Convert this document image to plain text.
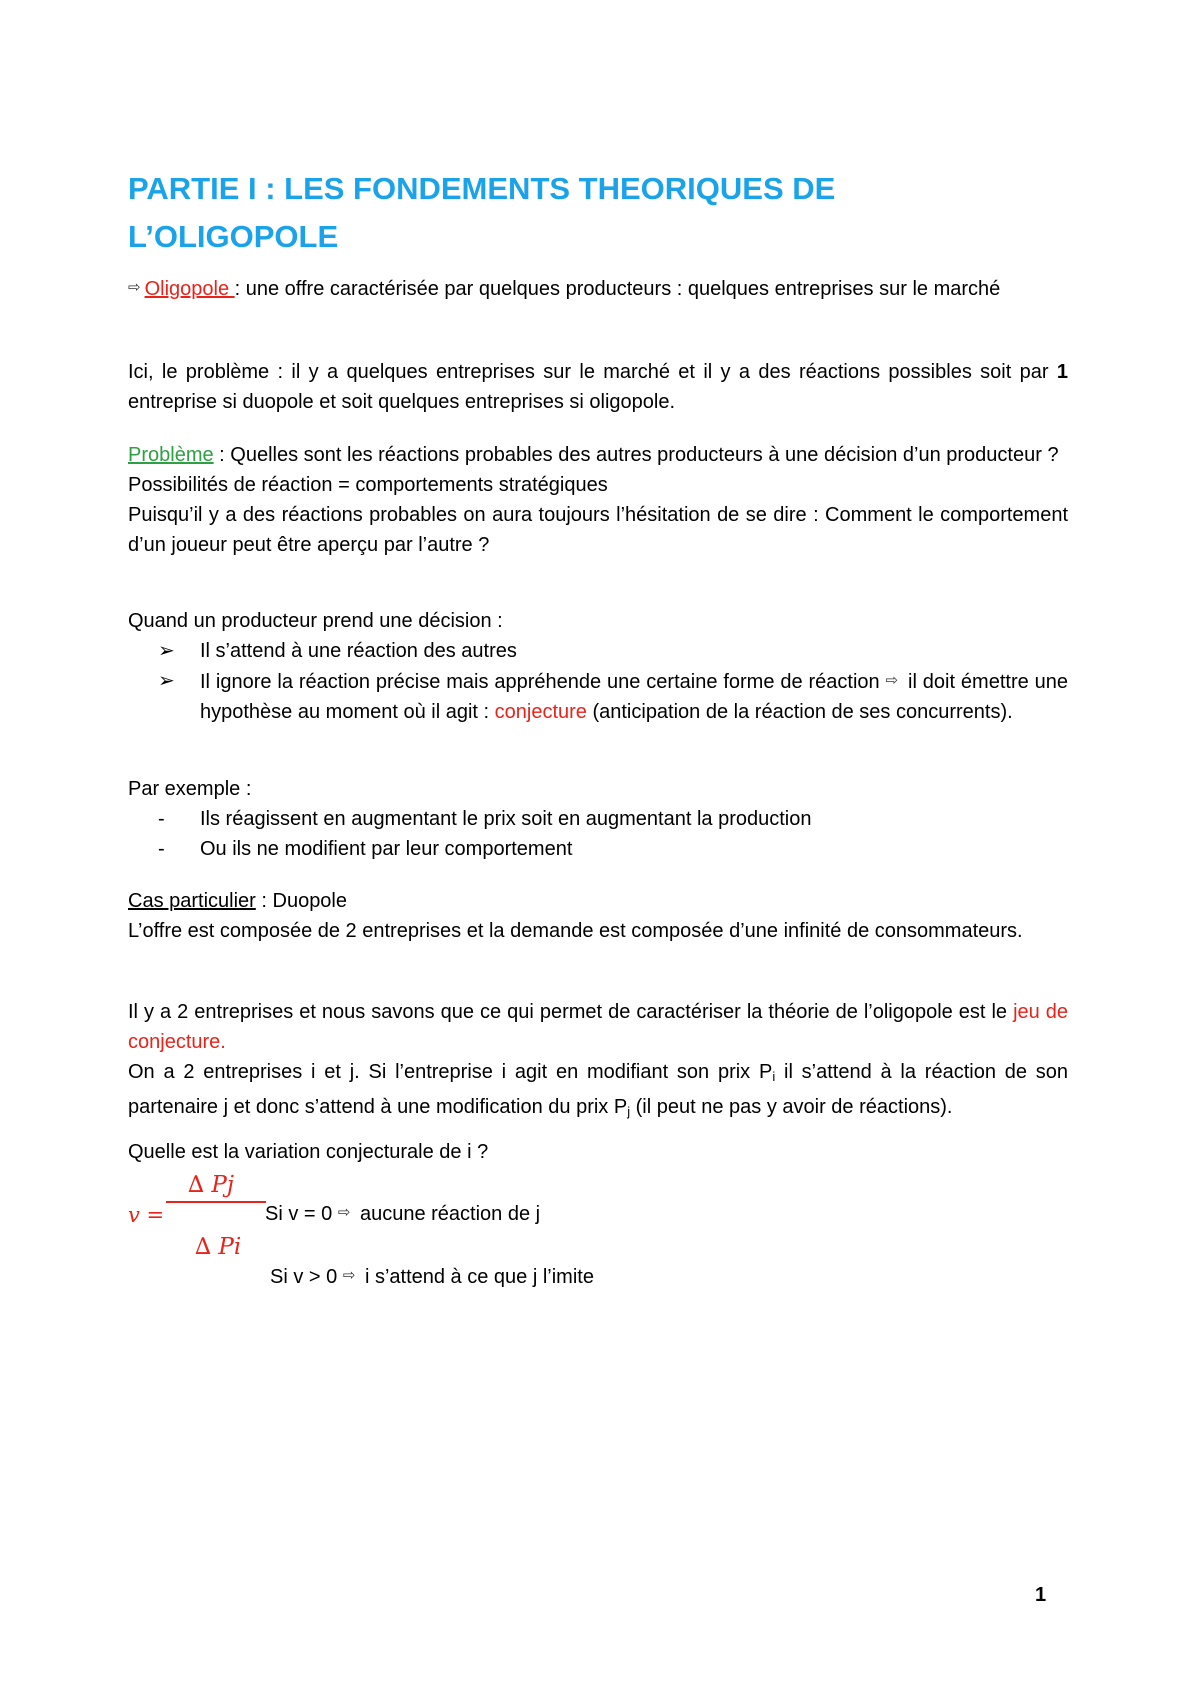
PARTIE I : LES FONDEMENTS THEORIQUES DE
L’OLIGOPOLE
⇨ Oligopole : une offre caractérisée par quelques producteurs : quelques entreprises sur le marché
Ici, le problème : il y a quelques entreprises sur le marché et il y a des réactions possibles soit par 1 entreprise si duopole et soit quelques entreprises si oligopole.
Problème : Quelles sont les réactions probables des autres producteurs à une décision d’un producteur ?
Possibilités de réaction = comportements stratégiques
Puisqu’il y a des réactions probables on aura toujours l’hésitation de se dire : Comment le comportement d’un joueur peut être aperçu par l’autre ?
Quand un producteur prend une décision :
➢ Il s’attend à une réaction des autres
➢ Il ignore la réaction précise mais appréhende une certaine forme de réaction ⇨ il doit émettre une hypothèse au moment où il agit : conjecture (anticipation de la réaction de ses concurrents).
Par exemple :
- Ils réagissent en augmentant le prix soit en augmentant la production
- Ou ils ne modifient par leur comportement
Cas particulier : Duopole
L’offre est composée de 2 entreprises et la demande est composée d’une infinité de consommateurs.
Il y a 2 entreprises et nous savons que ce qui permet de caractériser la théorie de l’oligopole est le jeu de conjecture.
On a 2 entreprises i et j. Si l’entreprise i agit en modifiant son prix $P_i$ il s’attend à la réaction de son partenaire j et donc s’attend à une modification du prix $P_j$ (il peut ne pas y avoir de réactions).
Quelle est la variation conjecturale de i ?
v =
∆ Pj
∆ Pi
Si v = 0 ⇨ aucune réaction de j
Si v > 0 ⇨ i s’attend à ce que j l’imite
1
